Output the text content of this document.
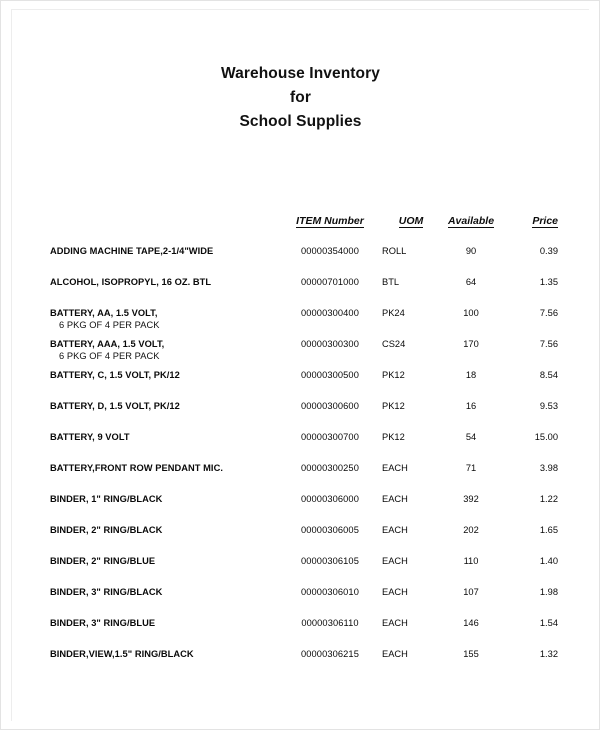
Warehouse Inventory
for
School Supplies
	ITEM Number	UOM	Available	Price
ADDING MACHINE TAPE,2-1/4"WIDE	00000354000	ROLL	90	0.39
ALCOHOL, ISOPROPYL, 16 OZ. BTL	00000701000	BTL	64	1.35
BATTERY, AA, 1.5 VOLT,
6 PKG OF 4 PER PACK	00000300400	PK24	100	7.56
BATTERY, AAA, 1.5 VOLT,
6 PKG OF 4 PER PACK	00000300300	CS24	170	7.56
BATTERY, C, 1.5 VOLT, PK/12	00000300500	PK12	18	8.54
BATTERY, D, 1.5 VOLT, PK/12	00000300600	PK12	16	9.53
BATTERY, 9 VOLT	00000300700	PK12	54	15.00
BATTERY,FRONT ROW PENDANT MIC.	00000300250	EACH	71	3.98
BINDER, 1" RING/BLACK	00000306000	EACH	392	1.22
BINDER, 2" RING/BLACK	00000306005	EACH	202	1.65
BINDER, 2" RING/BLUE	00000306105	EACH	110	1.40
BINDER, 3" RING/BLACK	00000306010	EACH	107	1.98
BINDER, 3" RING/BLUE	00000306110	EACH	146	1.54
BINDER,VIEW,1.5" RING/BLACK	00000306215	EACH	155	1.32
